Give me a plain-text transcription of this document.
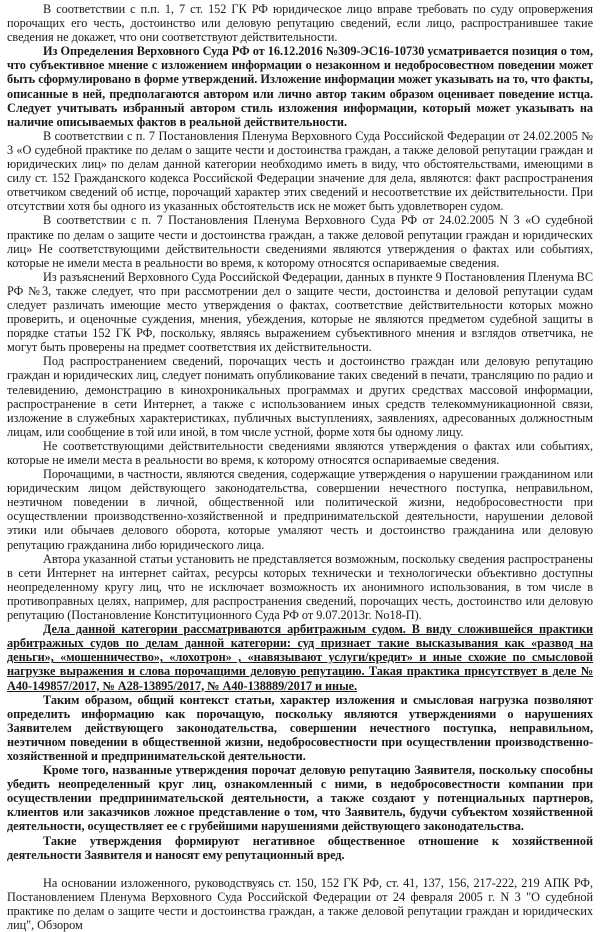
В соответствии с п.п. 1, 7 ст. 152 ГК РФ юридическое лицо вправе требовать по суду опровержения порочащих его честь, достоинство или деловую репутацию сведений, если лицо, распространившее такие сведения не докажет, что они соответствуют действительности.

Из Определения Верховного Суда РФ от 16.12.2016 №309-ЭС16-10730 усматривается позиция о том, что субъективное мнение с изложением информации о незаконном и недобросовестном поведении может быть сформулировано в форме утверждений. Изложение информации может указывать на то, что факты, описанные в ней, предполагаются автором или лично автор таким образом оценивает поведение истца. Следует учитывать избранный автором стиль изложения информации, который может указывать на наличие описываемых фактов в реальной действительности.

В соответствии с п. 7 Постановления Пленума Верховного Суда Российской Федерации от 24.02.2005 № 3 «О судебной практике по делам о защите чести и достоинства граждан, а также деловой репутации граждан и юридических лиц» по делам данной категории необходимо иметь в виду, что обстоятельствами, имеющими в силу ст. 152 Гражданского кодекса Российской Федерации значение для дела, являются: факт распространения ответчиком сведений об истце, порочащий характер этих сведений и несоответствие их действительности. При отсутствии хотя бы одного из указанных обстоятельств иск не может быть удовлетворен судом.

В соответствии с п. 7 Постановления Пленума Верховного Суда РФ от 24.02.2005 N 3 «О судебной практике по делам о защите чести и достоинства граждан, а также деловой репутации граждан и юридических лиц» Не соответствующими действительности сведениями являются утверждения о фактах или событиях, которые не имели места в реальности во время, к которому относятся оспариваемые сведения.

Из разъяснений Верховного Суда Российской Федерации, данных в пункте 9 Постановления Пленума ВС РФ №3, также следует, что при рассмотрении дел о защите чести, достоинства и деловой репутации судам следует различать имеющие место утверждения о фактах, соответствие действительности которых можно проверить, и оценочные суждения, мнения, убеждения, которые не являются предметом судебной защиты в порядке статьи 152 ГК РФ, поскольку, являясь выражением субъективного мнения и взглядов ответчика, не могут быть проверены на предмет соответствия их действительности.

Под распространением сведений, порочащих честь и достоинство граждан или деловую репутацию граждан и юридических лиц, следует понимать опубликование таких сведений в печати, трансляцию по радио и телевидению, демонстрацию в кинохроникальных программах и других средствах массовой информации, распространение в сети Интернет, а также с использованием иных средств телекоммуникационной связи, изложение в служебных характеристиках, публичных выступлениях, заявлениях, адресованных должностным лицам, или сообщение в той или иной, в том числе устной, форме хотя бы одному лицу.

Не соответствующими действительности сведениями являются утверждения о фактах или событиях, которые не имели места в реальности во время, к которому относятся оспариваемые сведения.

Порочащими, в частности, являются сведения, содержащие утверждения о нарушении гражданином или юридическим лицом действующего законодательства, совершении нечестного поступка, неправильном, неэтичном поведении в личной, общественной или политической жизни, недобросовестности при осуществлении производственно-хозяйственной и предпринимательской деятельности, нарушении деловой этики или обычаев делового оборота, которые умаляют честь и достоинство гражданина или деловую репутацию гражданина либо юридического лица.

Автора указанной статьи установить не представляется возможным, поскольку сведения распространены в сети Интернет на интернет сайтах, ресурсы которых технически и технологически объективно доступны неопределенному кругу лиц, что не исключает возможность их анонимного использования, в том числе в противоправных целях, например, для распространения сведений, порочащих честь, достоинство или деловую репутацию (Постановление Конституционного Суда РФ от 9.07.2013г. No18-П).

Дела данной категории рассматриваются арбитражным судом. В виду сложившейся практики арбитражных судов по делам данной категории: суд признает такие высказывания как «развод на деньги», «мошенничество», «лохотрон» , «навязывают услуги/кредит» и иные схожие по смысловой нагрузке выражения и слова порочащими деловую репутацию. Такая практика присутствует в деле № А40-149857/2017, № А28-13895/2017, № А40-138889/2017 и иные.

Таким образом, общий контекст статьи, характер изложения и смысловая нагрузка позволяют определить информацию как порочащую, поскольку являются утверждениями о нарушениях Заявителем действующего законодательства, совершении нечестного поступка, неправильном, неэтичном поведении в общественной жизни, недобросовестности при осуществлении производственно-хозяйственной и предпринимательской деятельности.

Кроме того, названные утверждения порочат деловую репутацию Заявителя, поскольку способны убедить неопределенный круг лиц, ознакомленный с ними, в недобросовестности компании при осуществлении предпринимательской деятельности, а также создают у потенциальных партнеров, клиентов или заказчиков ложное представление о том, что Заявитель, будучи субъектом хозяйственной деятельности, осуществляет ее с грубейшими нарушениями действующего законодательства.

Такие утверждения формируют негативное общественное отношение к хозяйственной деятельности Заявителя и наносят ему репутационный вред.

На основании изложенного, руководствуясь ст. 150, 152 ГК РФ, ст. 41, 137, 156, 217-222, 219 АПК РФ, Постановлением Пленума Верховного Суда Российской Федерации от 24 февраля 2005 г. N 3 "О судебной практике по делам о защите чести и достоинства граждан, а также деловой репутации граждан и юридических лиц", Обзором
